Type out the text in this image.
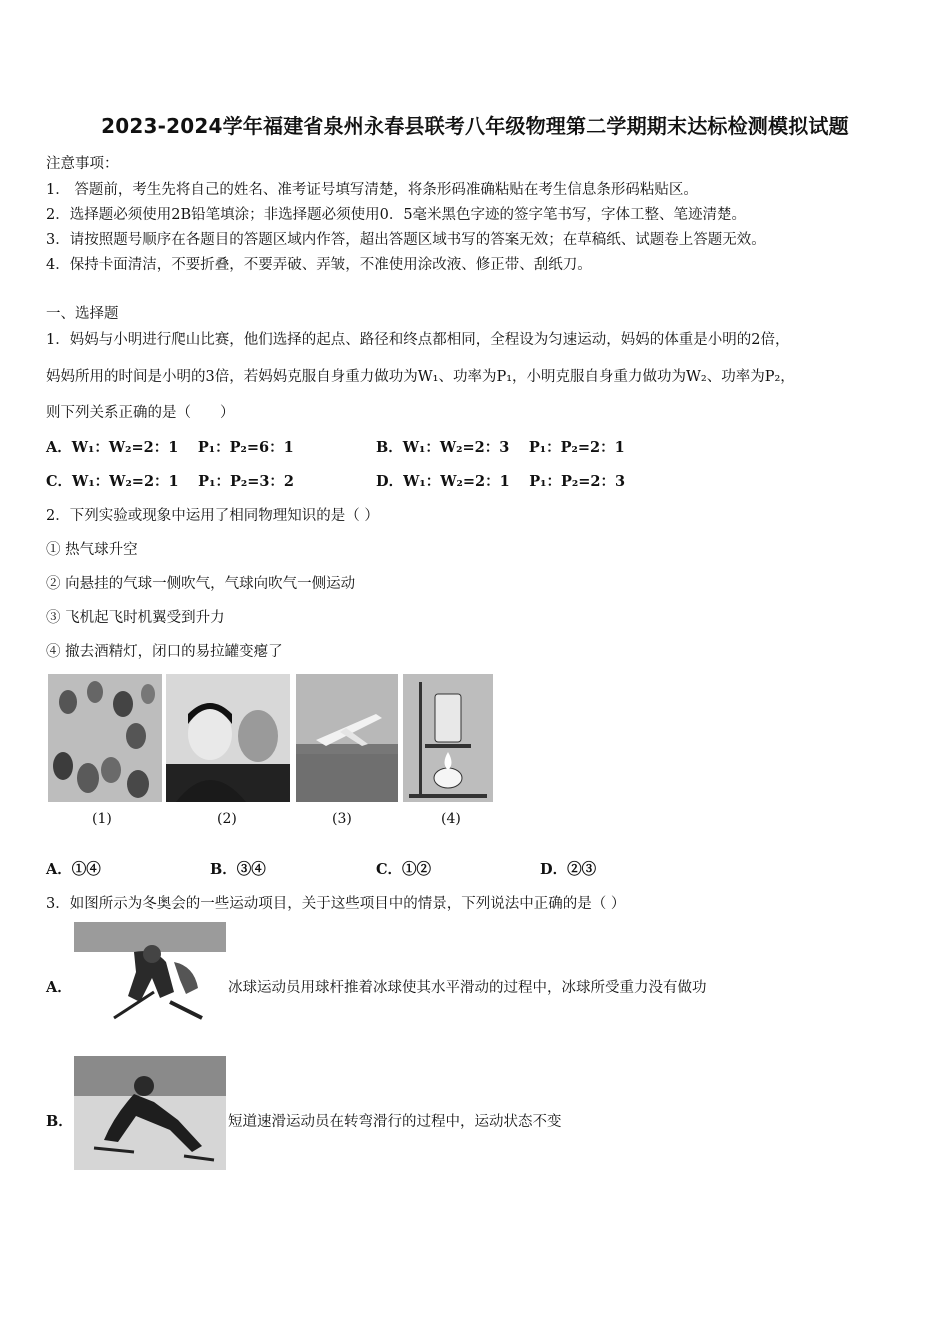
2023-2024学年福建省泉州永春县联考八年级物理第二学期期末达标检测模拟试题
注意事项：
1． 答题前，考生先将自己的姓名、准考证号填写清楚，将条形码准确粘贴在考生信息条形码粘贴区。
2．选择题必须使用2B铅笔填涂；非选择题必须使用0．5毫米黑色字迹的签字笔书写，字体工整、笔迹清楚。
3．请按照题号顺序在各题目的答题区域内作答，超出答题区域书写的答案无效；在草稿纸、试题卷上答题无效。
4．保持卡面清洁，不要折叠，不要弄破、弄皱，不准使用涂改液、修正带、刮纸刀。
一、选择题
1．妈妈与小明进行爬山比赛，他们选择的起点、路径和终点都相同，全程设为匀速运动，妈妈的体重是小明的2倍，
妈妈所用的时间是小明的3倍，若妈妈克服自身重力做功为W₁、功率为P₁，小明克服自身重力做功为W₂、功率为P₂，
则下列关系正确的是（　　）
A．W₁：W₂=2：1　 P₁：P₂=6：1	B．W₁：W₂=2：3　 P₁：P₂=2：1
C．W₁：W₂=2：1　 P₁：P₂=3：2	D．W₁：W₂=2：1　 P₁：P₂=2：3
2．下列实验或现象中运用了相同物理知识的是（ ）
① 热气球升空
② 向悬挂的气球一侧吹气，气球向吹气一侧运动
③ 飞机起飞时机翼受到升力
④ 撤去酒精灯，闭口的易拉罐变瘪了
(1)	(2)	(3)	(4)
A．①④	B．③④	C．①②	D．②③
3．如图所示为冬奥会的一些运动项目，关于这些项目中的情景，下列说法中正确的是（ ）
A．	冰球运动员用球杆推着冰球使其水平滑动的过程中，冰球所受重力没有做功
B．	短道速滑运动员在转弯滑行的过程中，运动状态不变
